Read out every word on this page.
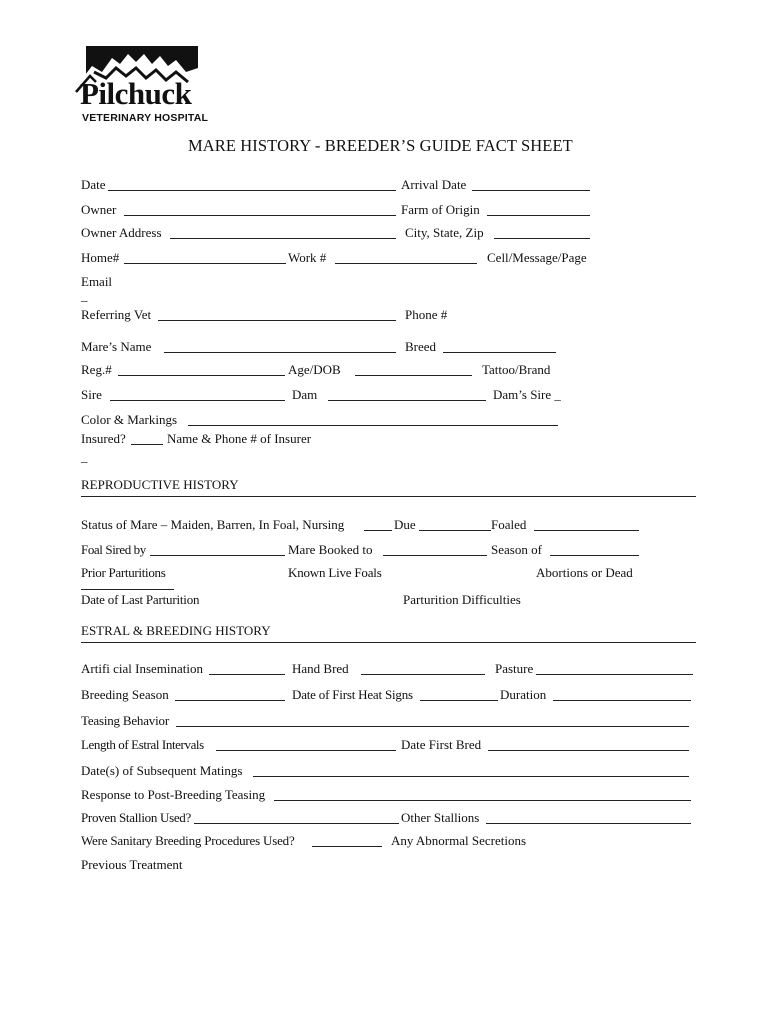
Pilchuck
VETERINARY HOSPITAL
MARE HISTORY - BREEDER’S GUIDE FACT SHEET
Date	Arrival Date
Owner	Farm of Origin
Owner Address	City, State, Zip
Home#	Work #	Cell/Message/Page
Email
_
Referring Vet	Phone #
Mare’s Name	Breed
Reg.#	Age/DOB	Tattoo/Brand
Sire	Dam	Dam’s Sire _
Color & Markings
Insured?	Name & Phone # of Insurer
_
REPRODUCTIVE HISTORY
Status of Mare – Maiden, Barren, In Foal, Nursing	Due	Foaled
Foal Sired by	Mare Booked to	Season of
Prior Parturitions	Known Live Foals	Abortions or Dead
Date of Last Parturition	Parturition Difficulties
ESTRAL & BREEDING HISTORY
Artifi cial Insemination	Hand Bred	Pasture
Breeding Season	Date of First Heat Signs	Duration
Teasing Behavior
Length of Estral Intervals	Date First Bred
Date(s) of Subsequent Matings
Response to Post-Breeding Teasing
Proven Stallion Used?	Other Stallions
Were Sanitary Breeding Procedures Used?	Any Abnormal Secretions
Previous Treatment
